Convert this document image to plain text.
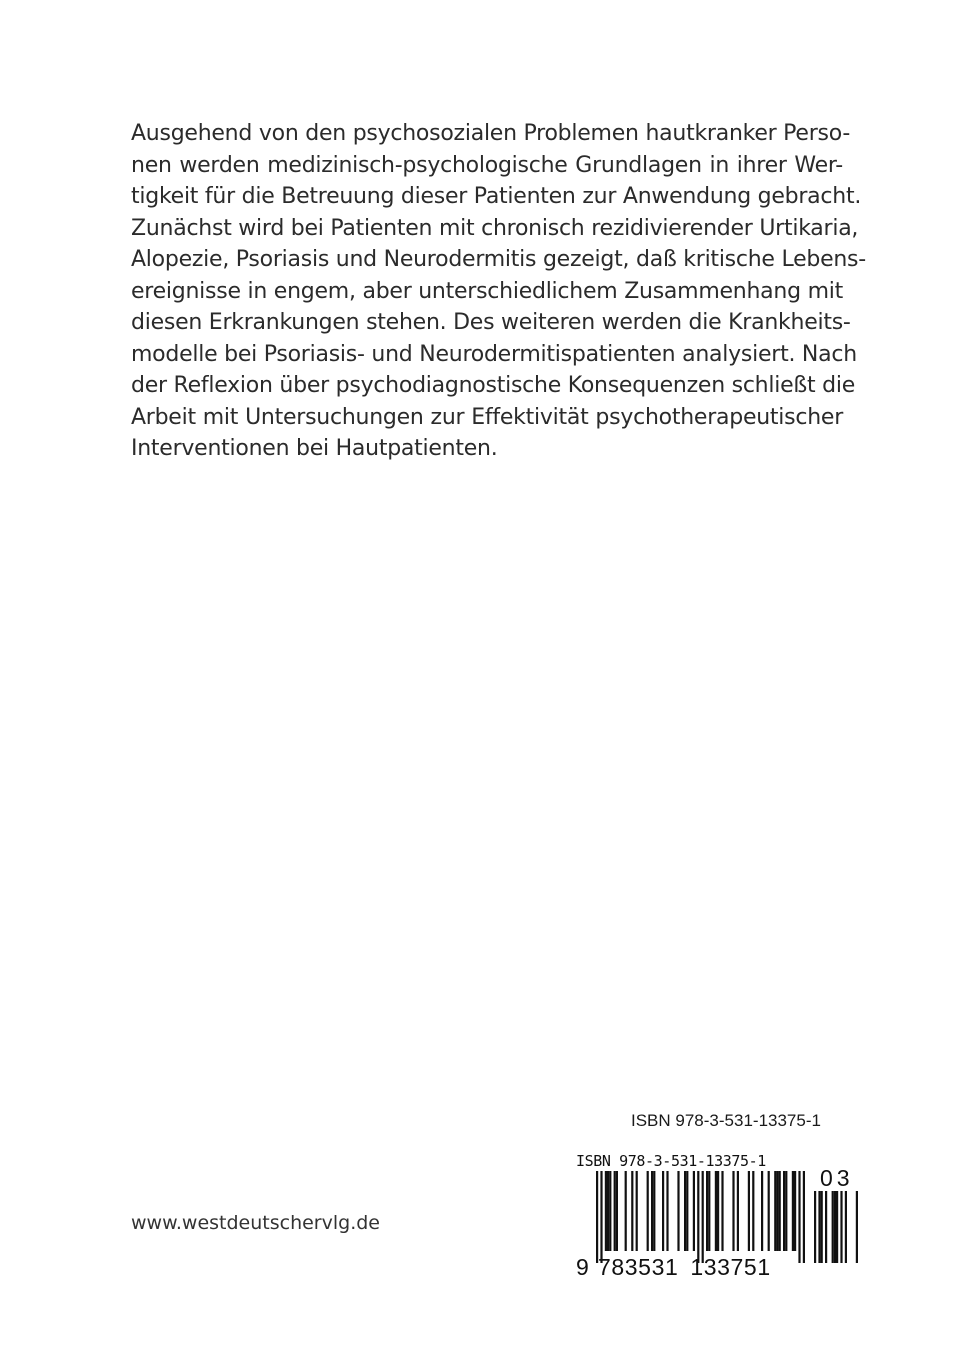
Ausgehend von den psychosozialen Problemen hautkranker Perso-
nen werden medizinisch-psychologische Grundlagen in ihrer Wer-
tigkeit für die Betreuung dieser Patienten zur Anwendung gebracht.
Zunächst wird bei Patienten mit chronisch rezidivierender Urtikaria,
Alopezie, Psoriasis und Neurodermitis gezeigt, daß kritische Lebens-
ereignisse in engem, aber unterschiedlichem Zusammenhang mit
diesen Erkrankungen stehen. Des weiteren werden die Krankheits-
modelle bei Psoriasis- und Neurodermitispatienten analysiert. Nach
der Reflexion über psychodiagnostische Konsequenzen schließt die
Arbeit mit Untersuchungen zur Effektivität psychotherapeutischer
Interventionen bei Hautpatienten.
ISBN 978-3-531-13375-1
www.westdeutschervlg.de
ISBN 978-3-531-13375-1
03
9 783531 133751
